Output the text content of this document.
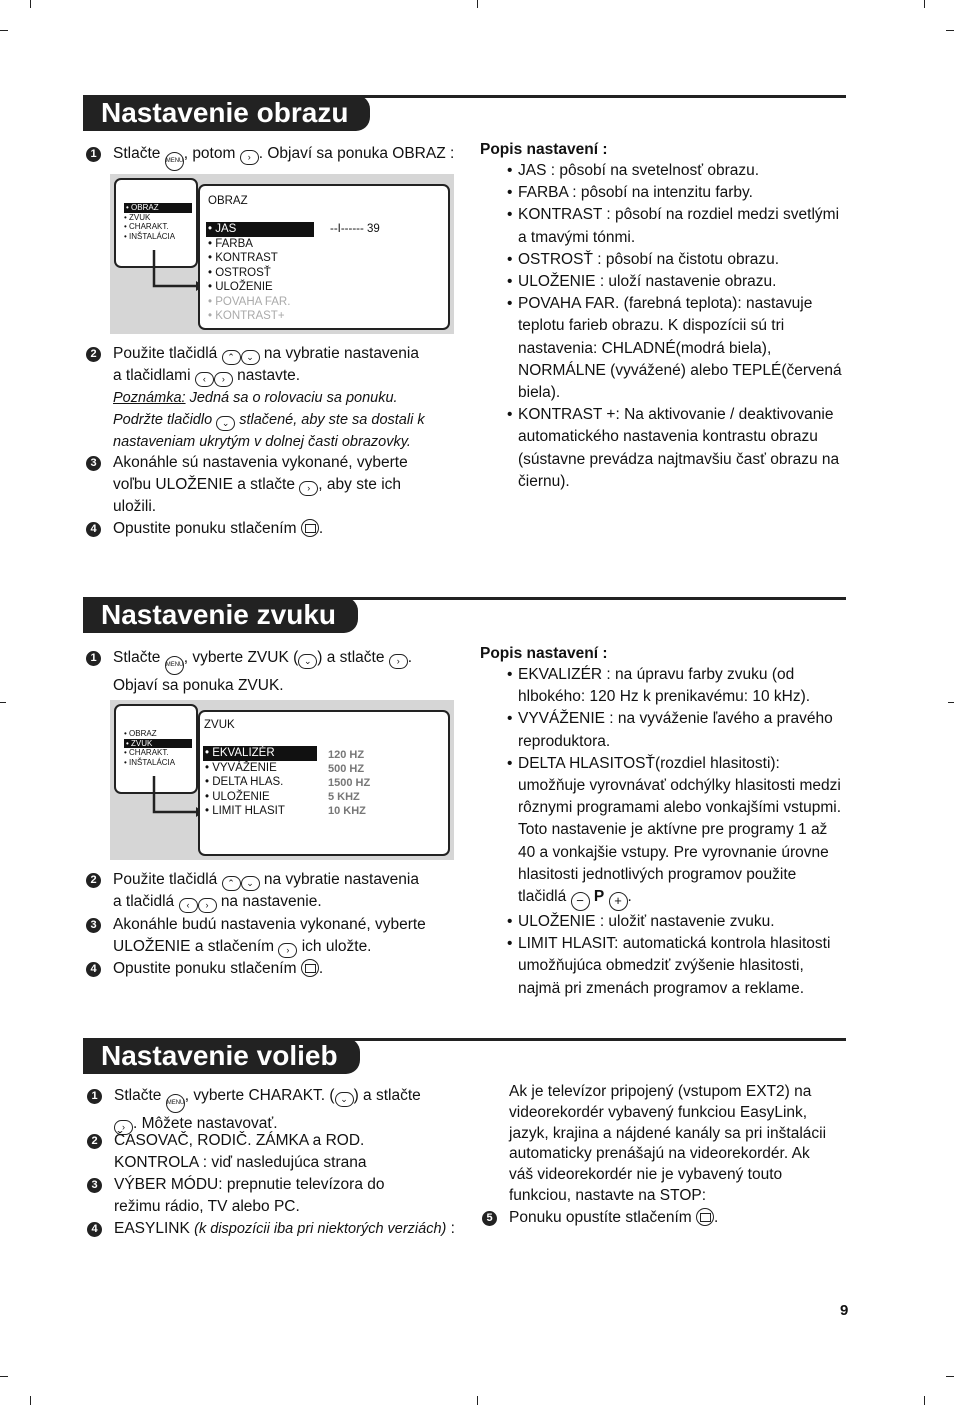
Nastavenie obrazu
1 Stlačte MENU, potom › . Objaví sa ponuka OBRAZ :
• OBRAZ
• ZVUK
• CHARAKT.
• INŠTALÁCIA
OBRAZ
• JAS
• FARBA
• KONTRAST
• OSTROSŤ
• ULOŽENIE
• POVAHA FAR.
• KONTRAST+
--I------ 39
2 Použite tlačidlá ⌃ ⌄ na vybratie nastavenia
a tlačidlami ‹ › nastavte.
Poznámka: Jedná sa o rolovaciu sa ponuku.
Podržte tlačidlo ⌄ stlačené, aby ste sa dostali k
nastaveniam ukrytým v dolnej časti obrazovky.
3 Akonáhle sú nastavenia vykonané, vyberte
voľbu ULOŽENIE a stlačte › , aby ste ich
uložili.
4 Opustite ponuku stlačením .
Popis nastavení :
• JAS : pôsobí na svetelnosť obrazu.
• FARBA : pôsobí na intenzitu farby.
• KONTRAST : pôsobí na rozdiel medzi svetlými a tmavými tónmi.
• OSTROSŤ : pôsobí na čistotu obrazu.
• ULOŽENIE : uloží nastavenie obrazu.
• POVAHA FAR. (farebná teplota): nastavuje teplotu farieb obrazu. K dispozícii sú tri nastavenia: CHLADNÉ(modrá biela), NORMÁLNE (vyvážené) alebo TEPLÉ(červená biela).
• KONTRAST +: Na aktivovanie / deaktivovanie automatického nastavenia kontrastu obrazu (sústavne prevádza najtmavšiu časť obrazu na čiernu).
Nastavenie zvuku
1 Stlačte MENU, vyberte ZVUK ( ⌄ ) a stlačte › .
Objaví sa ponuka ZVUK.
• OBRAZ
• ZVUK
• CHARAKT.
• INŠTALÁCIA
ZVUK
• EKVALIZÉR
• VYVÁŽENIE
• DELTA HLAS.
• ULOŽENIE
• LIMIT HLASIT
120 HZ
500 HZ
1500 HZ
5 KHZ
10 KHZ
2 Použite tlačidlá ⌃ ⌄ na vybratie nastavenia
a tlačidlá ‹ › na nastavenie.
3 Akonáhle budú nastavenia vykonané, vyberte
ULOŽENIE a stlačením › ich uložte.
4 Opustite ponuku stlačením .
Popis nastavení :
• EKVALIZÉR : na úpravu farby zvuku (od hlbokého: 120 Hz k prenikavému: 10 kHz).
• VYVÁŽENIE : na vyváženie ľavého a pravého reproduktora.
• DELTA HLASITOSŤ(rozdiel hlasitosti): umožňuje vyrovnávať odchýlky hlasitosti medzi rôznymi programami alebo vonkajšími vstupmi. Toto nastavenie je aktívne pre programy 1 až 40 a vonkajšie vstupy. Pre vyrovnanie úrovne hlasitosti jednotlivých programov použite tlačidlá − P + .
• ULOŽENIE : uložiť nastavenie zvuku.
• LIMIT HLASIT: automatická kontrola hlasitosti umožňujúca obmedziť zvýšenie hlasitosti, najmä pri zmenách programov a reklame.
Nastavenie volieb
1 Stlačte MENU, vyberte CHARAKT. ( ⌄ ) a stlačte
› . Môžete nastavovať.
2 ČASOVAČ, RODIČ. ZÁMKA a ROD.
KONTROLA : viď nasledujúca strana
3 VÝBER MÓDU: prepnutie televízora do
režimu rádio, TV alebo PC.
4 EASYLINK (k dispozícii iba pri niektorých verziách) :
Ak je televízor pripojený (vstupom EXT2) na
videorekordér vybavený funkciou EasyLink,
jazyk, krajina a nájdené kanály sa pri inštalácii
automaticky prenášajú na videorekordér. Ak
váš videorekordér nie je vybavený touto
funkciou, nastavte na STOP:
5 Ponuku opustíte stlačením .
9
